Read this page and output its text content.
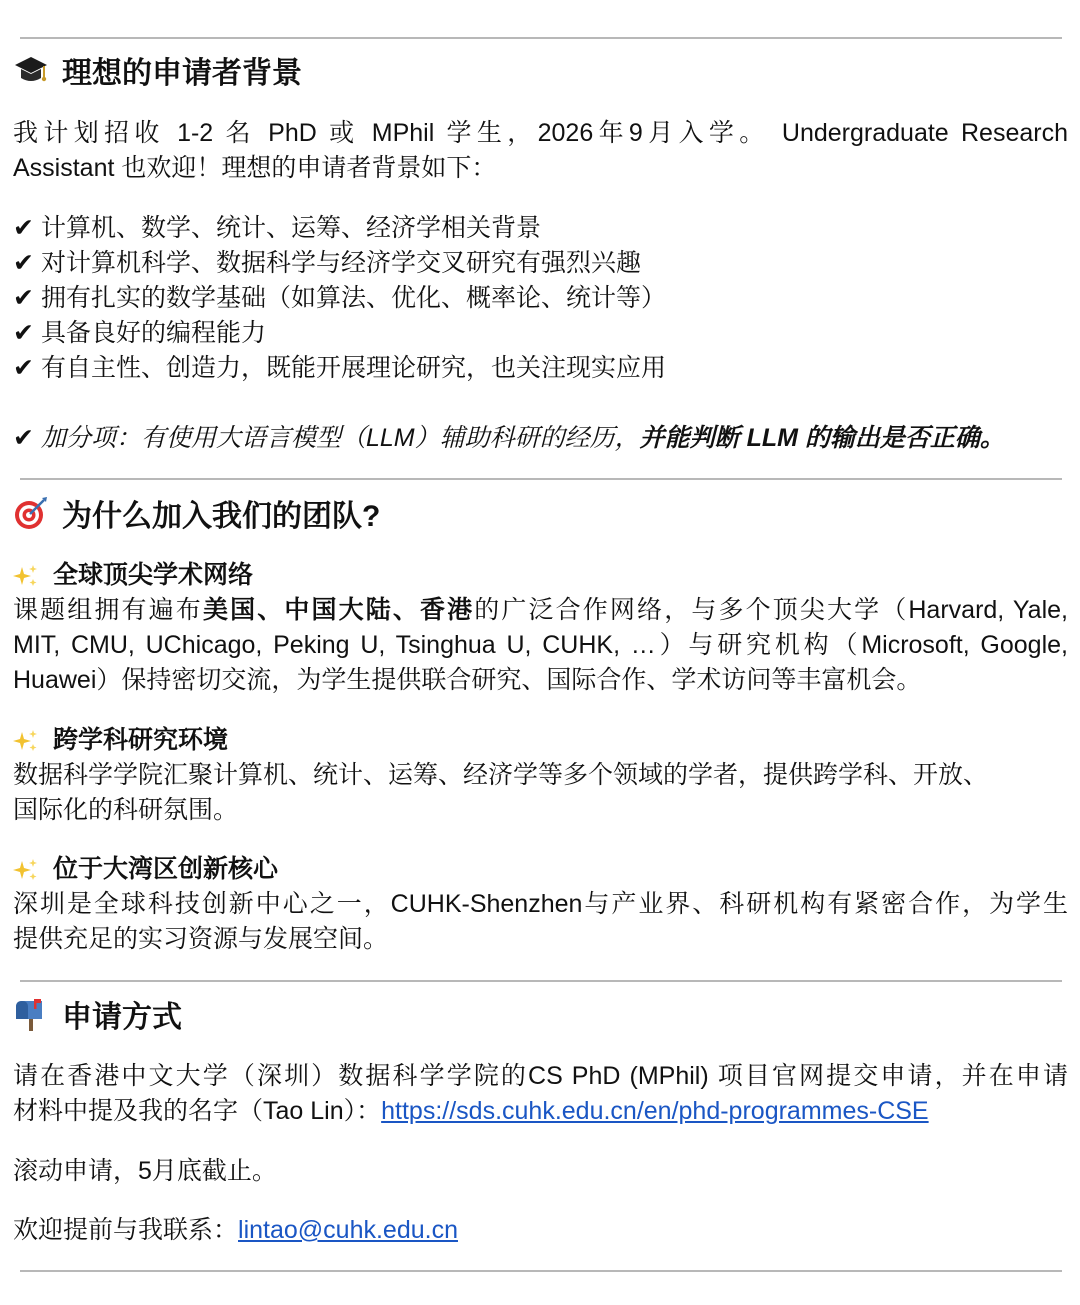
理想的申请者背景
我计划招收 1-2 名 PhD 或 MPhil 学生，2026年9月入学。 Undergraduate Research
Assistant 也欢迎！理想的申请者背景如下：
✔ 计算机、数学、统计、运筹、经济学相关背景
✔ 对计算机科学、数据科学与经济学交叉研究有强烈兴趣
✔ 拥有扎实的数学基础（如算法、优化、概率论、统计等）
✔ 具备良好的编程能力
✔ 有自主性、创造力，既能开展理论研究，也关注现实应用
✔ 加分项：有使用大语言模型（LLM）辅助科研的经历，并能判断 LLM 的输出是否正确。
为什么加入我们的团队?
全球顶尖学术网络
课题组拥有遍布美国、中国大陆、香港的广泛合作网络，与多个顶尖大学（Harvard, Yale,
MIT, CMU, UChicago, Peking U, Tsinghua U, CUHK, …）与研究机构（Microsoft, Google,
Huawei）保持密切交流，为学生提供联合研究、国际合作、学术访问等丰富机会。
跨学科研究环境
数据科学学院汇聚计算机、统计、运筹、经济学等多个领域的学者，提供跨学科、开放、
国际化的科研氛围。
位于大湾区创新核心
深圳是全球科技创新中心之一，CUHK-Shenzhen与产业界、科研机构有紧密合作，为学生
提供充足的实习资源与发展空间。
申请方式
请在香港中文大学（深圳）数据科学学院的CS PhD (MPhil) 项目官网提交申请，并在申请
材料中提及我的名字（Tao Lin）：https://sds.cuhk.edu.cn/en/phd-programmes-CSE
滚动申请，5月底截止。
欢迎提前与我联系：lintao@cuhk.edu.cn
